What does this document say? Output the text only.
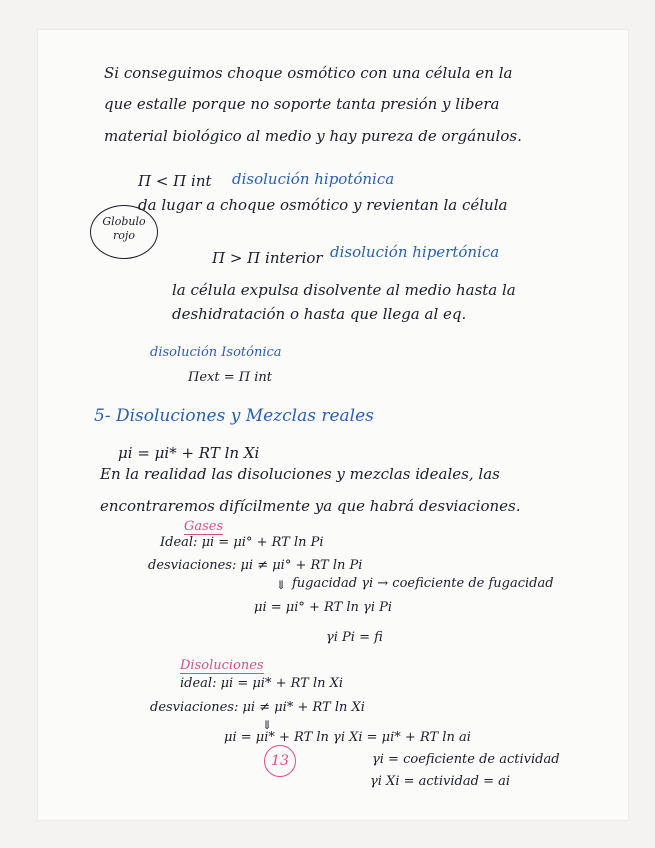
Si conseguimos choque osmótico con una célula en la
que estalle porque no soporte tanta presión y libera
material biológico al medio y hay pureza de orgánulos.
Π < Π int disolución hipotónica
da lugar a choque osmótico y revientan la célula
Globulo
rojo
Π > Π interior disolución hipertónica
la célula expulsa disolvente al medio hasta la
deshidratación o hasta que llega al eq.
disolución Isotónica
Πext = Π int
5- Disoluciones y Mezclas reales
μi = μi* + RT ln Xi
En la realidad las disoluciones y mezclas ideales, las
encontraremos difícilmente ya que habrá desviaciones.
Gases
Ideal: μi = μi° + RT ln Pi
desviaciones: μi ≠ μi° + RT ln Pi
⇓ fugacidad γi → coeficiente de fugacidad
μi = μi° + RT ln γi Pi
γi Pi = fi
Disoluciones
ideal: μi = μi* + RT ln Xi
desviaciones: μi ≠ μi* + RT ln Xi
⇓
μi = μi* + RT ln γi Xi = μi* + RT ln ai
γi = coeficiente de actividad
γi Xi = actividad = ai
13
